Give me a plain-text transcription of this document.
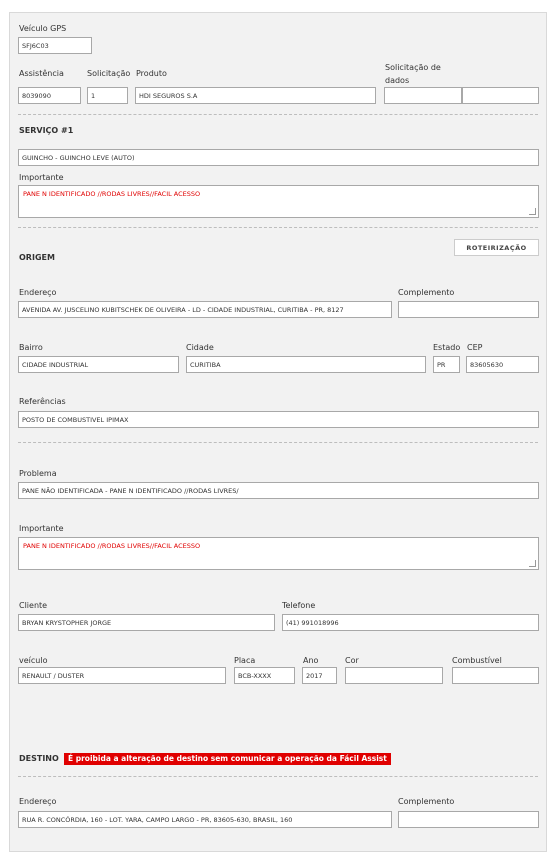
Veículo GPS
SFJ6C03
Assistência
8039090
Solicitação
1
Produto
HDI SEGUROS S.A
Solicitação de
dados
SERVIÇO #1
GUINCHO - GUINCHO LEVE (AUTO)
Importante
PANE N IDENTIFICADO //RODAS LIVRES//FACIL ACESSO
ROTEIRIZAÇÃO
ORIGEM
Endereço
AVENIDA AV. JUSCELINO KUBITSCHEK DE OLIVEIRA - LD - CIDADE INDUSTRIAL, CURITIBA - PR, 8127
Complemento
Bairro
CIDADE INDUSTRIAL
Cidade
CURITIBA
Estado
PR
CEP
83605630
Referências
POSTO DE COMBUSTIVEL IPIMAX
Problema
PANE NÃO IDENTIFICADA - PANE N IDENTIFICADO //RODAS LIVRES/
Importante
PANE N IDENTIFICADO //RODAS LIVRES//FACIL ACESSO
Cliente
BRYAN KRYSTOPHER JORGE
Telefone
(41) 991018996
veículo
RENAULT / DUSTER
Placa
BCB-XXXX
Ano
2017
Cor	Combustível
DESTINO	É proibida a alteração de destino sem comunicar a operação da Fácil Assist
Endereço
RUA R. CONCÓRDIA, 160 - LOT. YARA, CAMPO LARGO - PR, 83605-630, BRASIL, 160
Complemento
